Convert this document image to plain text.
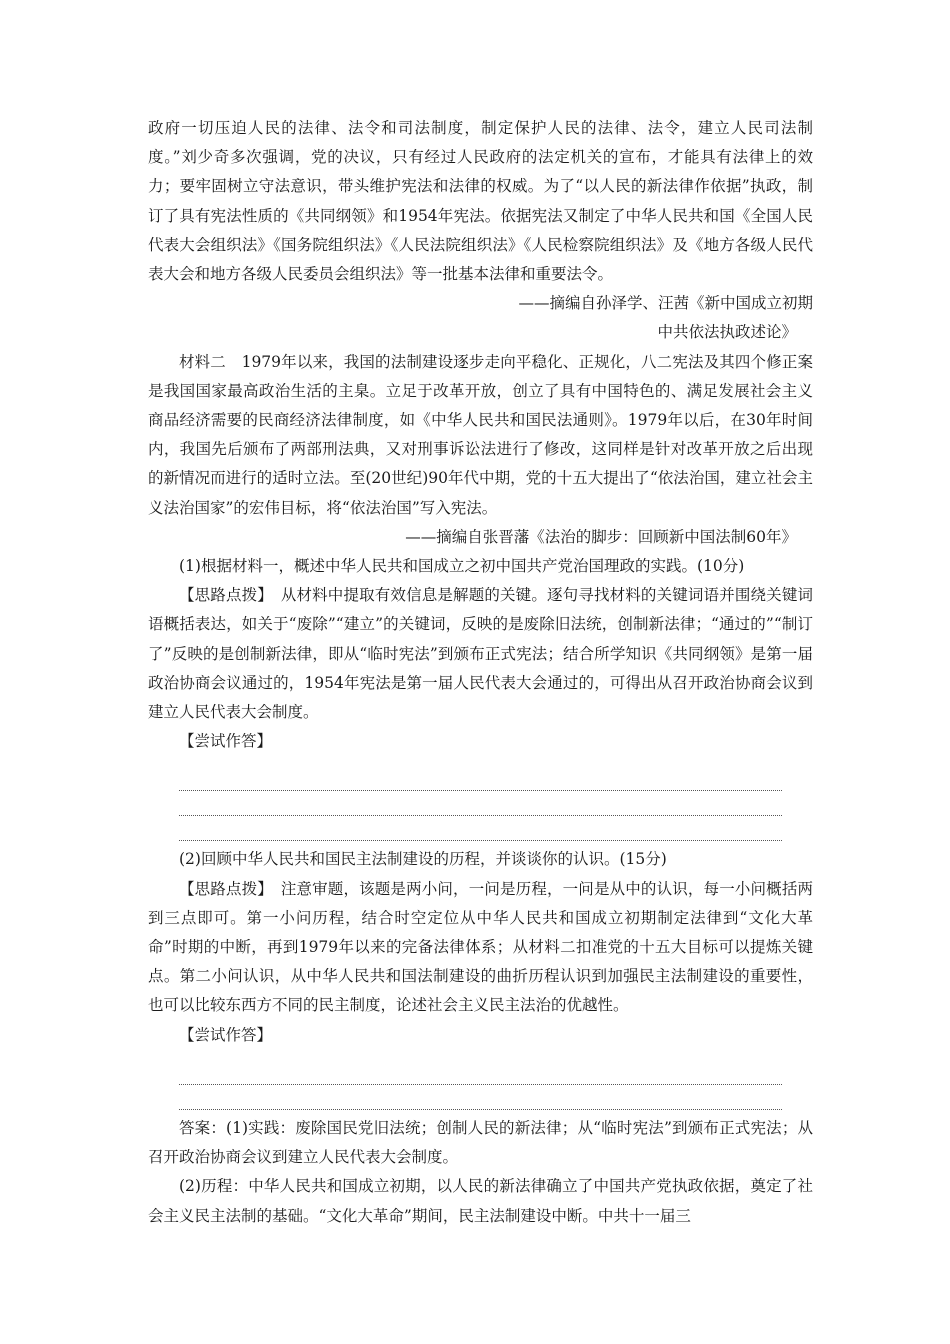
政府一切压迫人民的法律、法令和司法制度，制定保护人民的法律、法令，建立人民司法制度。”刘少奇多次强调，党的决议，只有经过人民政府的法定机关的宣布，才能具有法律上的效力；要牢固树立守法意识，带头维护宪法和法律的权威。为了“以人民的新法律作依据”执政，制订了具有宪法性质的《共同纲领》和1954年宪法。依据宪法又制定了中华人民共和国《全国人民代表大会组织法》《国务院组织法》《人民法院组织法》《人民检察院组织法》及《地方各级人民代表大会和地方各级人民委员会组织法》等一批基本法律和重要法令。

——摘编自孙泽学、汪茜《新中国成立初期

中共依法执政述论》

材料二　1979年以来，我国的法制建设逐步走向平稳化、正规化，八二宪法及其四个修正案是我国国家最高政治生活的主臬。立足于改革开放，创立了具有中国特色的、满足发展社会主义商品经济需要的民商经济法律制度，如《中华人民共和国民法通则》。1979年以后，在30年时间内，我国先后颁布了两部刑法典，又对刑事诉讼法进行了修改，这同样是针对改革开放之后出现的新情况而进行的适时立法。至(20世纪)90年代中期，党的十五大提出了“依法治国，建立社会主义法治国家”的宏伟目标，将“依法治国”写入宪法。

——摘编自张晋藩《法治的脚步：回顾新中国法制60年》

(1)根据材料一，概述中华人民共和国成立之初中国共产党治国理政的实践。(10分)

【思路点拨】　从材料中提取有效信息是解题的关键。逐句寻找材料的关键词语并围绕关键词语概括表达，如关于“废除”“建立”的关键词，反映的是废除旧法统，创制新法律；“通过的”“制订了”反映的是创制新法律，即从“临时宪法”到颁布正式宪法；结合所学知识《共同纲领》是第一届政治协商会议通过的，1954年宪法是第一届人民代表大会通过的，可得出从召开政治协商会议到建立人民代表大会制度。

【尝试作答】

(2)回顾中华人民共和国民主法制建设的历程，并谈谈你的认识。(15分)

【思路点拨】　注意审题，该题是两小问，一问是历程，一问是从中的认识，每一小问概括两到三点即可。第一小问历程，结合时空定位从中华人民共和国成立初期制定法律到“文化大革命”时期的中断，再到1979年以来的完备法律体系；从材料二扣准党的十五大目标可以提炼关键点。第二小问认识，从中华人民共和国法制建设的曲折历程认识到加强民主法制建设的重要性，也可以比较东西方不同的民主制度，论述社会主义民主法治的优越性。

【尝试作答】

答案：(1)实践：废除国民党旧法统；创制人民的新法律；从“临时宪法”到颁布正式宪法；从召开政治协商会议到建立人民代表大会制度。

(2)历程：中华人民共和国成立初期，以人民的新法律确立了中国共产党执政依据，奠定了社会主义民主法制的基础。“文化大革命”期间，民主法制建设中断。中共十一届三
